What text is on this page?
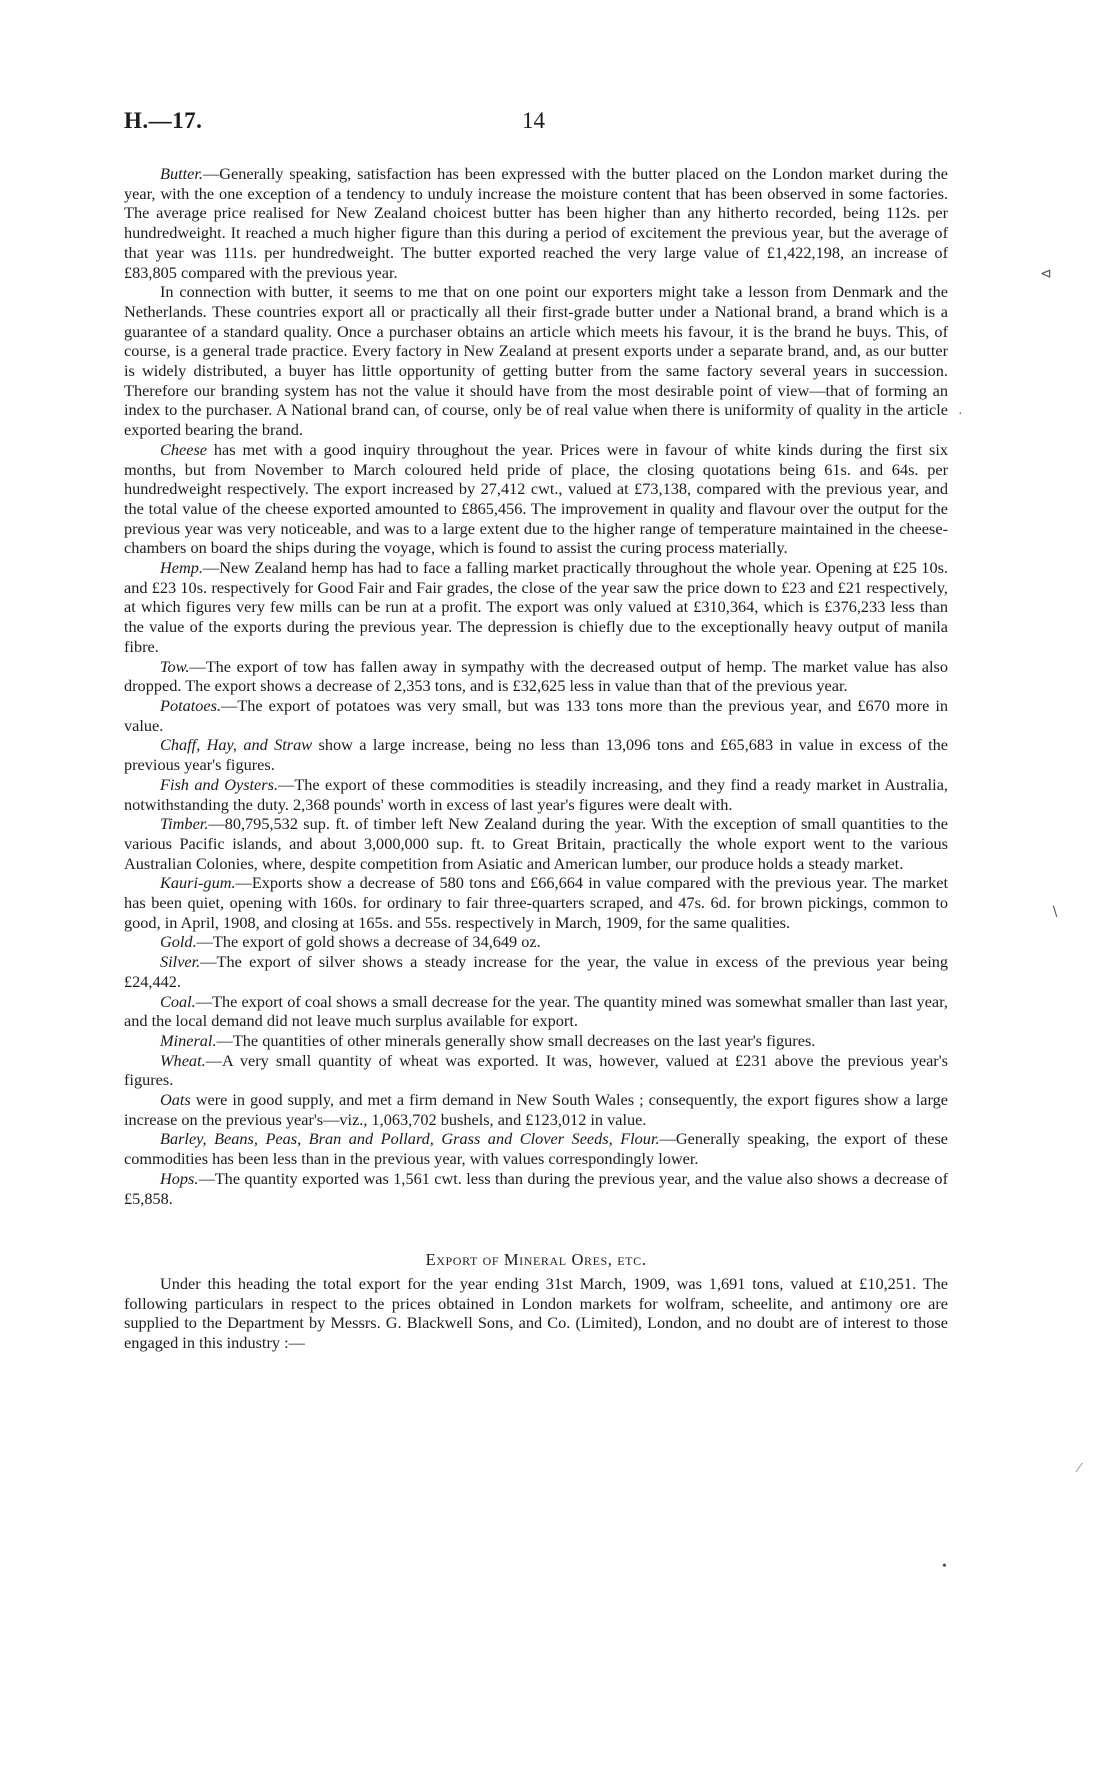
H.—17.	14

Butter.—Generally speaking, satisfaction has been expressed with the butter placed on the London market during the year, with the one exception of a tendency to unduly increase the moisture content that has been observed in some factories. The average price realised for New Zealand choicest butter has been higher than any hitherto recorded, being 112s. per hundredweight. It reached a much higher figure than this during a period of excitement the previous year, but the average of that year was 111s. per hundredweight. The butter exported reached the very large value of £1,422,198, an increase of £83,805 compared with the previous year.

In connection with butter, it seems to me that on one point our exporters might take a lesson from Denmark and the Netherlands. These countries export all or practically all their first-grade butter under a National brand, a brand which is a guarantee of a standard quality. Once a purchaser obtains an article which meets his favour, it is the brand he buys. This, of course, is a general trade practice. Every factory in New Zealand at present exports under a separate brand, and, as our butter is widely distributed, a buyer has little opportunity of getting butter from the same factory several years in succession. Therefore our branding system has not the value it should have from the most desirable point of view—that of forming an index to the purchaser. A National brand can, of course, only be of real value when there is uniformity of quality in the article exported bearing the brand.

Cheese has met with a good inquiry throughout the year. Prices were in favour of white kinds during the first six months, but from November to March coloured held pride of place, the closing quotations being 61s. and 64s. per hundredweight respectively. The export increased by 27,412 cwt., valued at £73,138, compared with the previous year, and the total value of the cheese exported amounted to £865,456. The improvement in quality and flavour over the output for the previous year was very noticeable, and was to a large extent due to the higher range of temperature maintained in the cheese-chambers on board the ships during the voyage, which is found to assist the curing process materially.

Hemp.—New Zealand hemp has had to face a falling market practically throughout the whole year. Opening at £25 10s. and £23 10s. respectively for Good Fair and Fair grades, the close of the year saw the price down to £23 and £21 respectively, at which figures very few mills can be run at a profit. The export was only valued at £310,364, which is £376,233 less than the value of the exports during the previous year. The depression is chiefly due to the exceptionally heavy output of manila fibre.

Tow.—The export of tow has fallen away in sympathy with the decreased output of hemp. The market value has also dropped. The export shows a decrease of 2,353 tons, and is £32,625 less in value than that of the previous year.

Potatoes.—The export of potatoes was very small, but was 133 tons more than the previous year, and £670 more in value.

Chaff, Hay, and Straw show a large increase, being no less than 13,096 tons and £65,683 in value in excess of the previous year's figures.

Fish and Oysters.—The export of these commodities is steadily increasing, and they find a ready market in Australia, notwithstanding the duty. 2,368 pounds' worth in excess of last year's figures were dealt with.

Timber.—80,795,532 sup. ft. of timber left New Zealand during the year. With the exception of small quantities to the various Pacific islands, and about 3,000,000 sup. ft. to Great Britain, practically the whole export went to the various Australian Colonies, where, despite competition from Asiatic and American lumber, our produce holds a steady market.

Kauri-gum.—Exports show a decrease of 580 tons and £66,664 in value compared with the previous year. The market has been quiet, opening with 160s. for ordinary to fair three-quarters scraped, and 47s. 6d. for brown pickings, common to good, in April, 1908, and closing at 165s. and 55s. respectively in March, 1909, for the same qualities.

Gold.—The export of gold shows a decrease of 34,649 oz.

Silver.—The export of silver shows a steady increase for the year, the value in excess of the previous year being £24,442.

Coal.—The export of coal shows a small decrease for the year. The quantity mined was somewhat smaller than last year, and the local demand did not leave much surplus available for export.

Mineral.—The quantities of other minerals generally show small decreases on the last year's figures.

Wheat.—A very small quantity of wheat was exported. It was, however, valued at £231 above the previous year's figures.

Oats were in good supply, and met a firm demand in New South Wales ; consequently, the export figures show a large increase on the previous year's—viz., 1,063,702 bushels, and £123,012 in value.

Barley, Beans, Peas, Bran and Pollard, Grass and Clover Seeds, Flour.—Generally speaking, the export of these commodities has been less than in the previous year, with values correspondingly lower.

Hops.—The quantity exported was 1,561 cwt. less than during the previous year, and the value also shows a decrease of £5,858.

Export of Mineral Ores, etc.

Under this heading the total export for the year ending 31st March, 1909, was 1,691 tons, valued at £10,251. The following particulars in respect to the prices obtained in London markets for wolfram, scheelite, and antimony ore are supplied to the Department by Messrs. G. Blackwell Sons, and Co. (Limited), London, and no doubt are of interest to those engaged in this industry :—

⊲
·
∖
∕
•
